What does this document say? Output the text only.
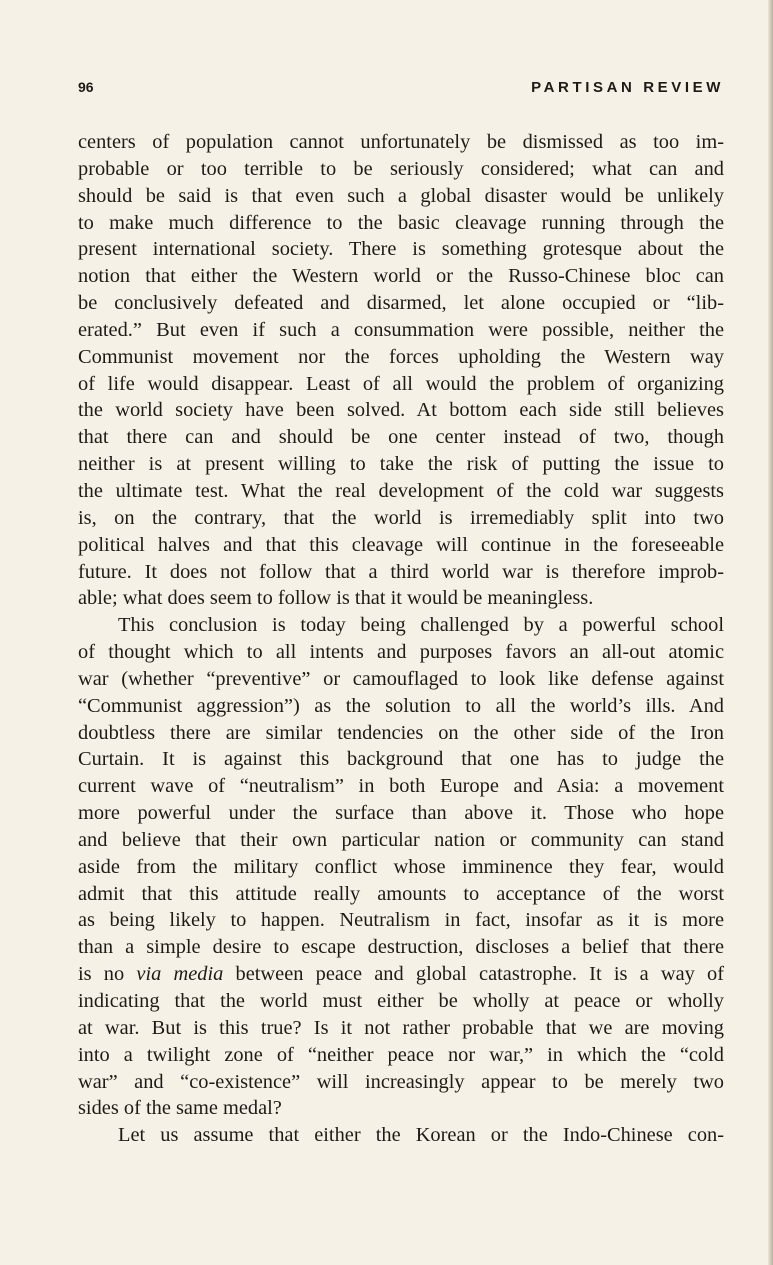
96	PARTISAN REVIEW
centers of population cannot unfortunately be dismissed as too im-
probable or too terrible to be seriously considered; what can and
should be said is that even such a global disaster would be unlikely
to make much difference to the basic cleavage running through the
present international society. There is something grotesque about the
notion that either the Western world or the Russo-Chinese bloc can
be conclusively defeated and disarmed, let alone occupied or “lib-
erated.” But even if such a consummation were possible, neither the
Communist movement nor the forces upholding the Western way
of life would disappear. Least of all would the problem of organizing
the world society have been solved. At bottom each side still believes
that there can and should be one center instead of two, though
neither is at present willing to take the risk of putting the issue to
the ultimate test. What the real development of the cold war suggests
is, on the contrary, that the world is irremediably split into two
political halves and that this cleavage will continue in the foreseeable
future. It does not follow that a third world war is therefore improb-
able; what does seem to follow is that it would be meaningless.
This conclusion is today being challenged by a powerful school
of thought which to all intents and purposes favors an all-out atomic
war (whether “preventive” or camouflaged to look like defense against
“Communist aggression”) as the solution to all the world’s ills. And
doubtless there are similar tendencies on the other side of the Iron
Curtain. It is against this background that one has to judge the
current wave of “neutralism” in both Europe and Asia: a movement
more powerful under the surface than above it. Those who hope
and believe that their own particular nation or community can stand
aside from the military conflict whose imminence they fear, would
admit that this attitude really amounts to acceptance of the worst
as being likely to happen. Neutralism in fact, insofar as it is more
than a simple desire to escape destruction, discloses a belief that there
is no via media between peace and global catastrophe. It is a way of
indicating that the world must either be wholly at peace or wholly
at war. But is this true? Is it not rather probable that we are moving
into a twilight zone of “neither peace nor war,” in which the “cold
war” and “co-existence” will increasingly appear to be merely two
sides of the same medal?
Let us assume that either the Korean or the Indo-Chinese con-
